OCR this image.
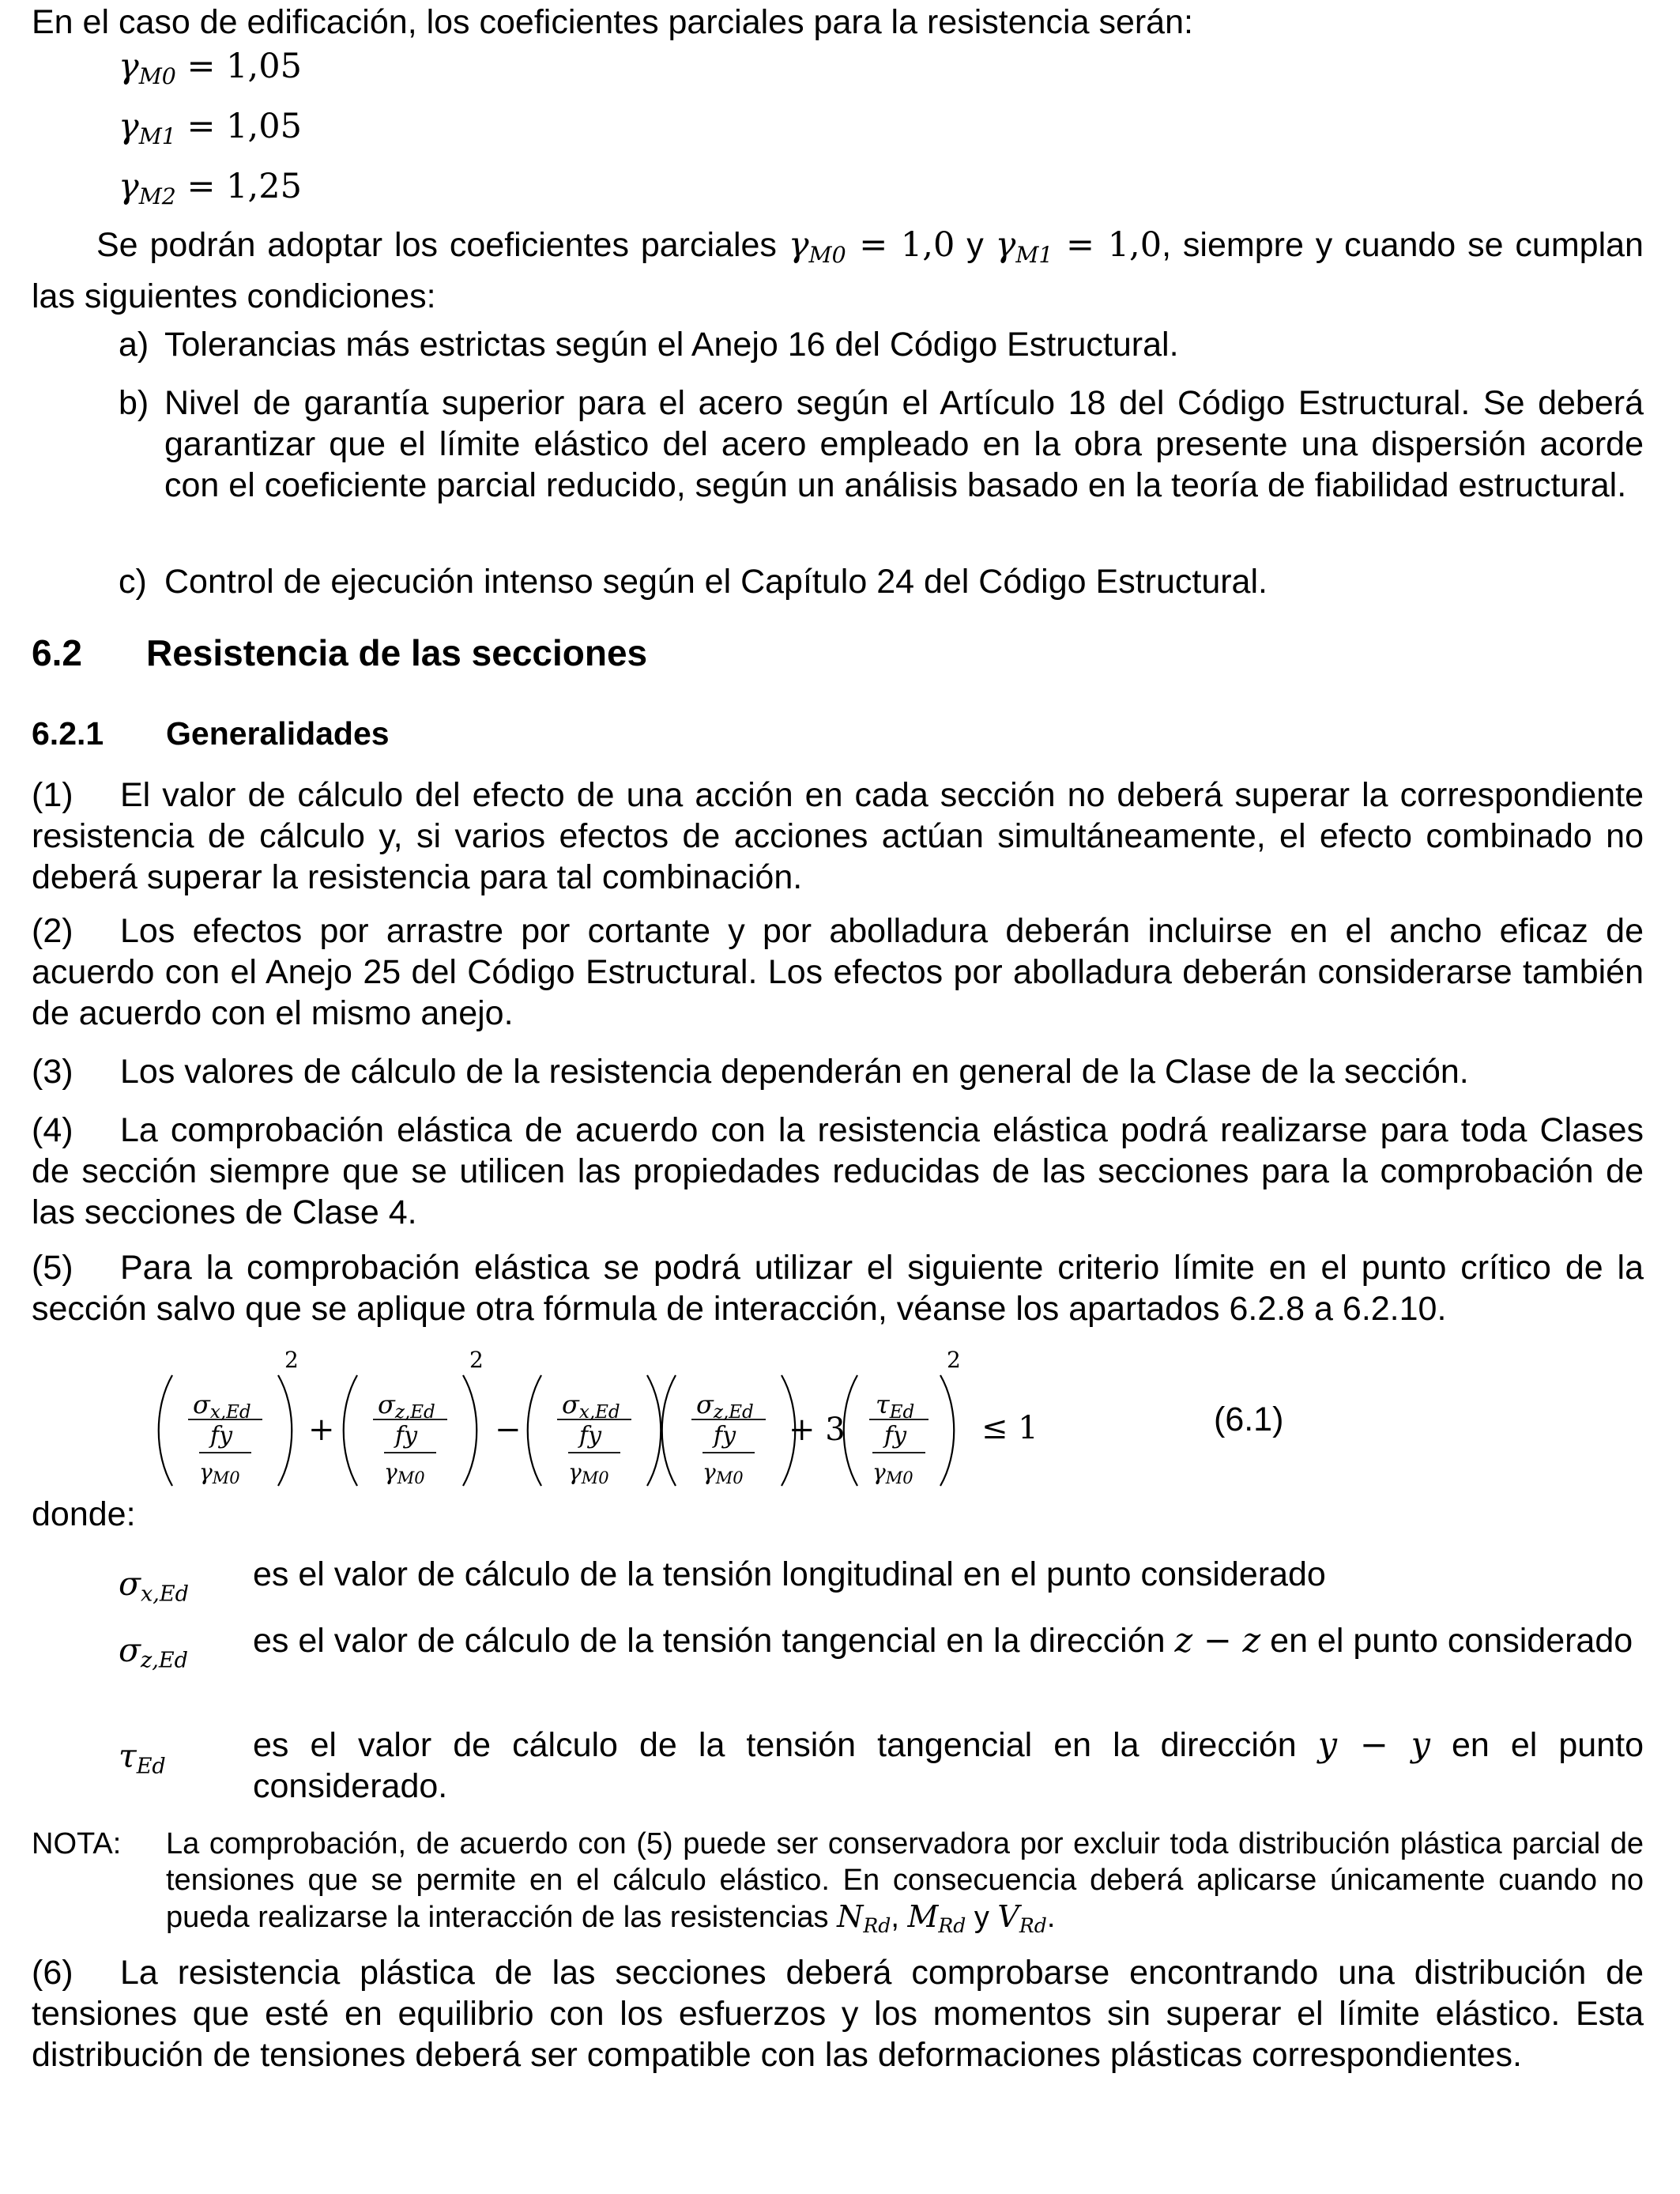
En el caso de edificación, los coeficientes parciales para la resistencia serán:
$\gamma_{M0} = 1,05$
$\gamma_{M1} = 1,05$
$\gamma_{M2} = 1,25$
Se podrán adoptar los coeficientes parciales $\gamma_{M0} = 1,0$ y $\gamma_{M1} = 1,0$, siempre y cuando se cumplan las siguientes condiciones:
a) Tolerancias más estrictas según el Anejo 16 del Código Estructural.
b) Nivel de garantía superior para el acero según el Artículo 18 del Código Estructural. Se deberá garantizar que el límite elástico del acero empleado en la obra presente una dispersión acorde con el coeficiente parcial reducido, según un análisis basado en la teoría de fiabilidad estructural.
c) Control de ejecución intenso según el Capítulo 24 del Código Estructural.
6.2 Resistencia de las secciones
6.2.1 Generalidades
(1) El valor de cálculo del efecto de una acción en cada sección no deberá superar la correspondiente resistencia de cálculo y, si varios efectos de acciones actúan simultáneamente, el efecto combinado no deberá superar la resistencia para tal combinación.
(2) Los efectos por arrastre por cortante y por abolladura deberán incluirse en el ancho eficaz de acuerdo con el Anejo 25 del Código Estructural. Los efectos por abolladura deberán considerarse también de acuerdo con el mismo anejo.
(3) Los valores de cálculo de la resistencia dependerán en general de la Clase de la sección.
(4) La comprobación elástica de acuerdo con la resistencia elástica podrá realizarse para toda Clases de sección siempre que se utilicen las propiedades reducidas de las secciones para la comprobación de las secciones de Clase 4.
(5) Para la comprobación elástica se podrá utilizar el siguiente criterio límite en el punto crítico de la sección salvo que se aplique otra fórmula de interacción, véanse los apartados 6.2.8 a 6.2.10.
σx,Ed
fy
γM0
2
+
σz,Ed
fy
γM0
2
−
σx,Ed
fy
γM0
σz,Ed
fy
γM0
+ 3
τEd
fy
γM0
2
≤ 1	(6.1)
donde:
$\sigma_{x,Ed}$
es el valor de cálculo de la tensión longitudinal en el punto considerado
$\sigma_{z,Ed}$
es el valor de cálculo de la tensión tangencial en la dirección z − z en el punto considerado
$\tau_{Ed}$
es el valor de cálculo de la tensión tangencial en la dirección y − y en el punto considerado.
NOTA: La comprobación, de acuerdo con (5) puede ser conservadora por excluir toda distribución plástica parcial de tensiones que se permite en el cálculo elástico. En consecuencia deberá aplicarse únicamente cuando no pueda realizarse la interacción de las resistencias $N_{Rd}$, $M_{Rd}$ y $V_{Rd}$.
(6) La resistencia plástica de las secciones deberá comprobarse encontrando una distribución de tensiones que esté en equilibrio con los esfuerzos y los momentos sin superar el límite elástico. Esta distribución de tensiones deberá ser compatible con las deformaciones plásticas correspondientes.
